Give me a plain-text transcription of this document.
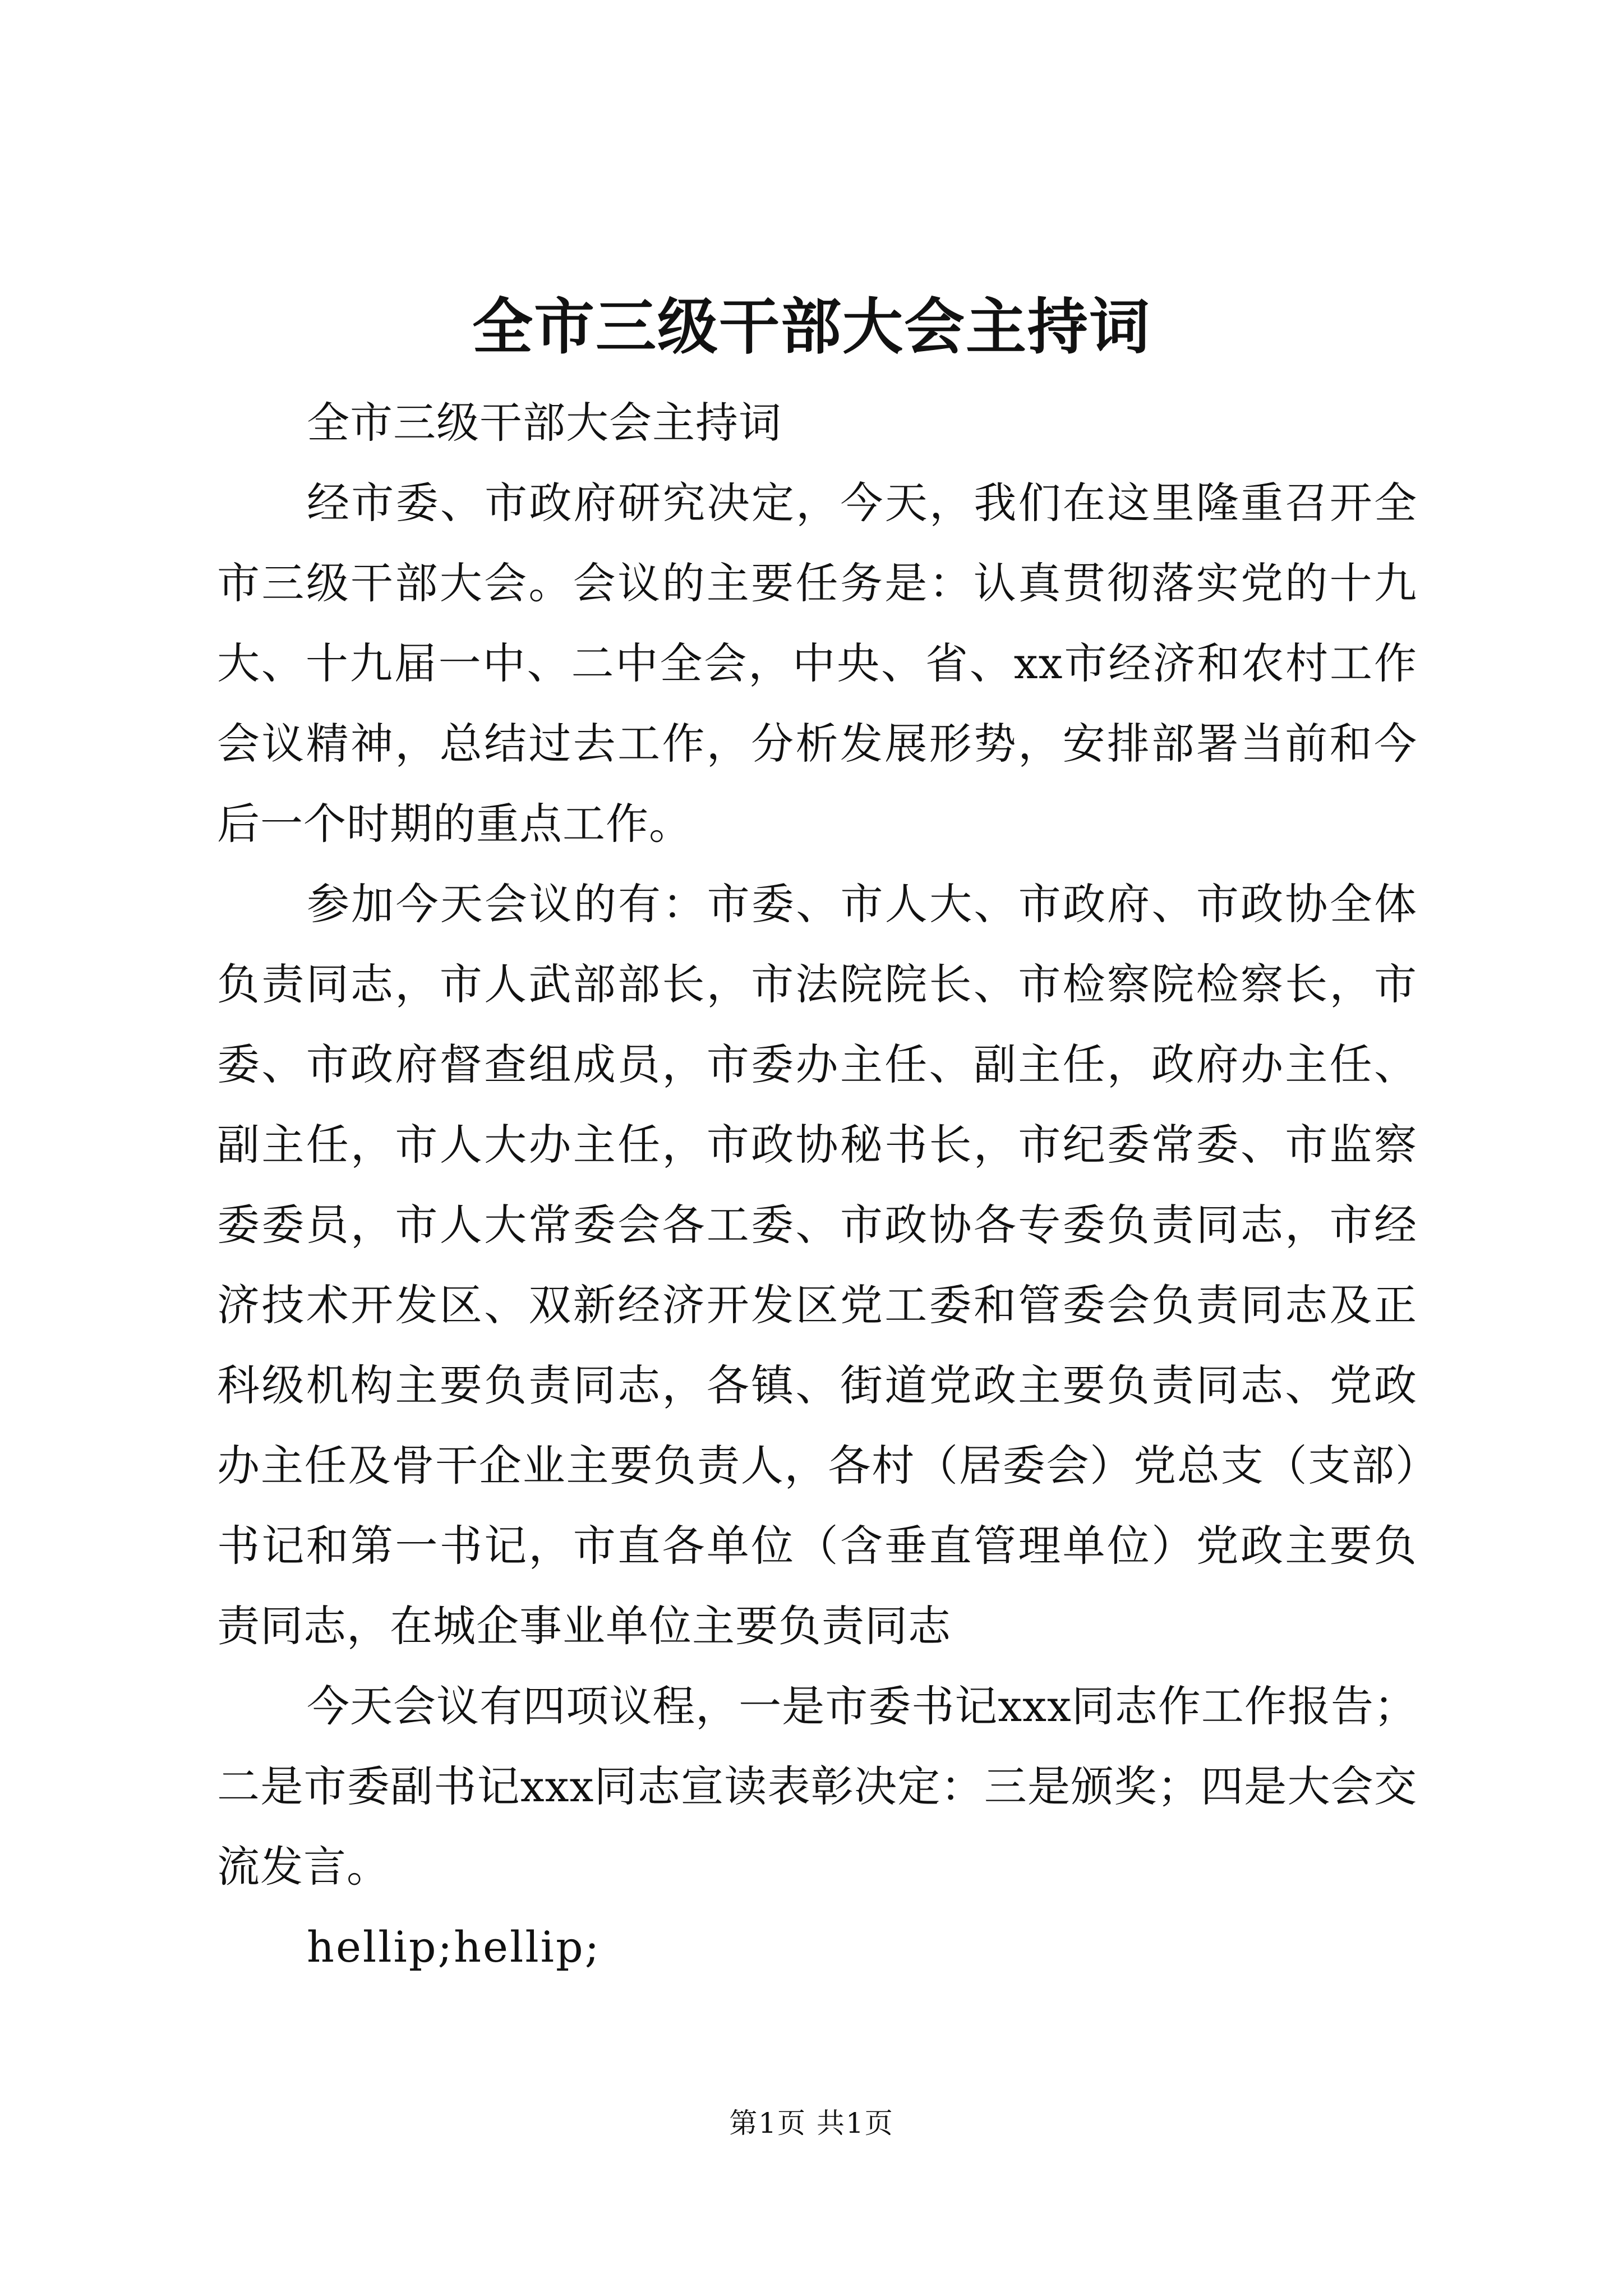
全市三级干部大会主持词

全市三级干部大会主持词

经市委、市政府研究决定，今天，我们在这里隆重召开全市三级干部大会。会议的主要任务是：认真贯彻落实党的十九大、十九届一中、二中全会，中央、省、xx市经济和农村工作会议精神，总结过去工作，分析发展形势，安排部署当前和今后一个时期的重点工作。

参加今天会议的有：市委、市人大、市政府、市政协全体负责同志，市人武部部长，市法院院长、市检察院检察长，市委、市政府督查组成员，市委办主任、副主任，政府办主任、副主任，市人大办主任，市政协秘书长，市纪委常委、市监察委委员，市人大常委会各工委、市政协各专委负责同志，市经济技术开发区、双新经济开发区党工委和管委会负责同志及正科级机构主要负责同志，各镇、街道党政主要负责同志、党政办主任及骨干企业主要负责人，各村（居委会）党总支（支部）书记和第一书记，市直各单位（含垂直管理单位）党政主要负责同志，在城企事业单位主要负责同志

今天会议有四项议程，一是市委书记xxx同志作工作报告；二是市委副书记xxx同志宣读表彰决定：三是颁奖；四是大会交流发言。

hellip;hellip;

第1页 共1页
